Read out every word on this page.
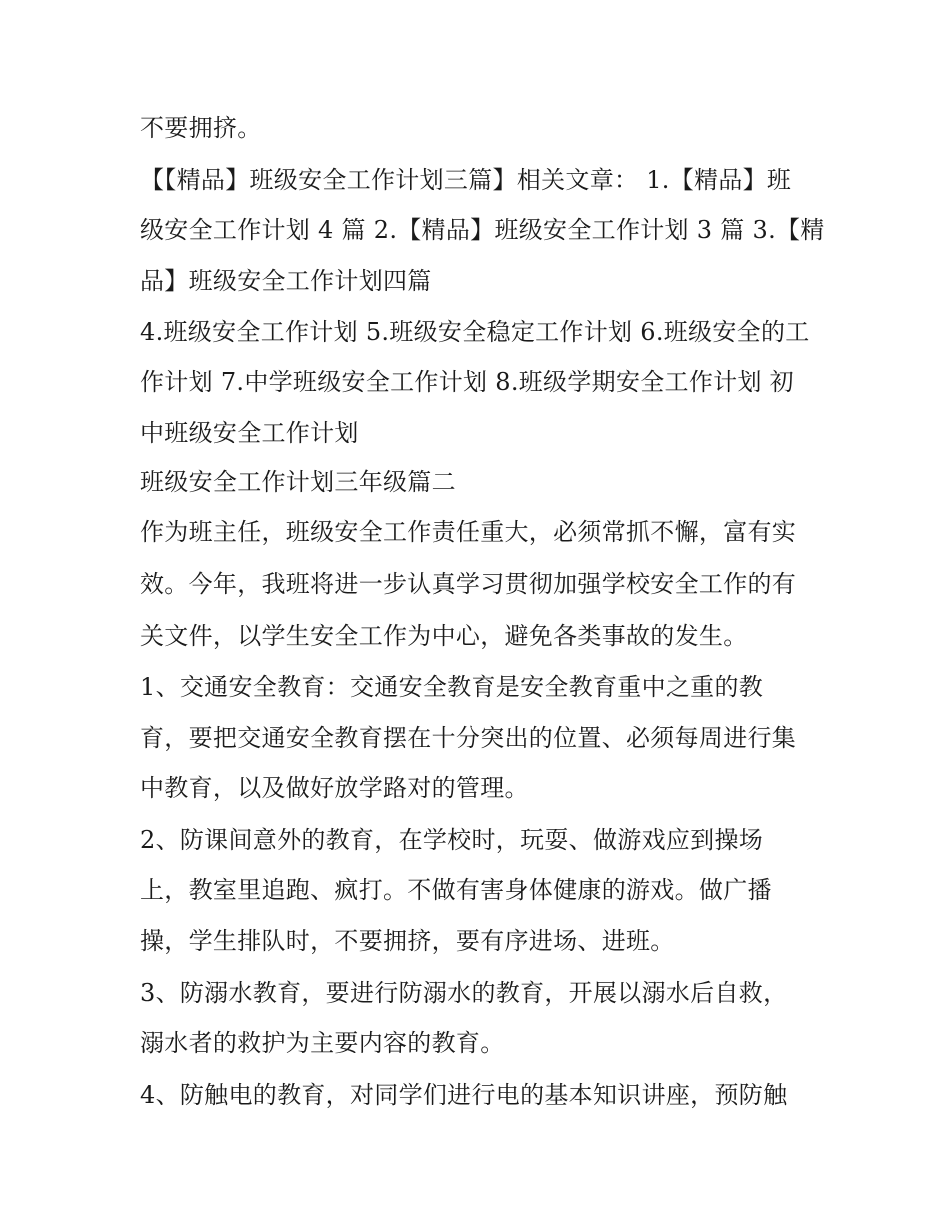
不要拥挤。
【【精品】班级安全工作计划三篇】相关文章： 1.【精品】班
级安全工作计划 4 篇 2.【精品】班级安全工作计划 3 篇 3.【精
品】班级安全工作计划四篇
4.班级安全工作计划 5.班级安全稳定工作计划 6.班级安全的工
作计划 7.中学班级安全工作计划 8.班级学期安全工作计划 初
中班级安全工作计划
班级安全工作计划三年级篇二
作为班主任，班级安全工作责任重大，必须常抓不懈，富有实
效。今年，我班将进一步认真学习贯彻加强学校安全工作的有
关文件，以学生安全工作为中心，避免各类事故的发生。
1、交通安全教育：交通安全教育是安全教育重中之重的教
育，要把交通安全教育摆在十分突出的位置、必须每周进行集
中教育，以及做好放学路对的管理。
2、防课间意外的教育，在学校时，玩耍、做游戏应到操场
上，教室里追跑、疯打。不做有害身体健康的游戏。做广播
操，学生排队时，不要拥挤，要有序进场、进班。
3、防溺水教育，要进行防溺水的教育，开展以溺水后自救，
溺水者的救护为主要内容的教育。
4、防触电的教育，对同学们进行电的基本知识讲座，预防触
